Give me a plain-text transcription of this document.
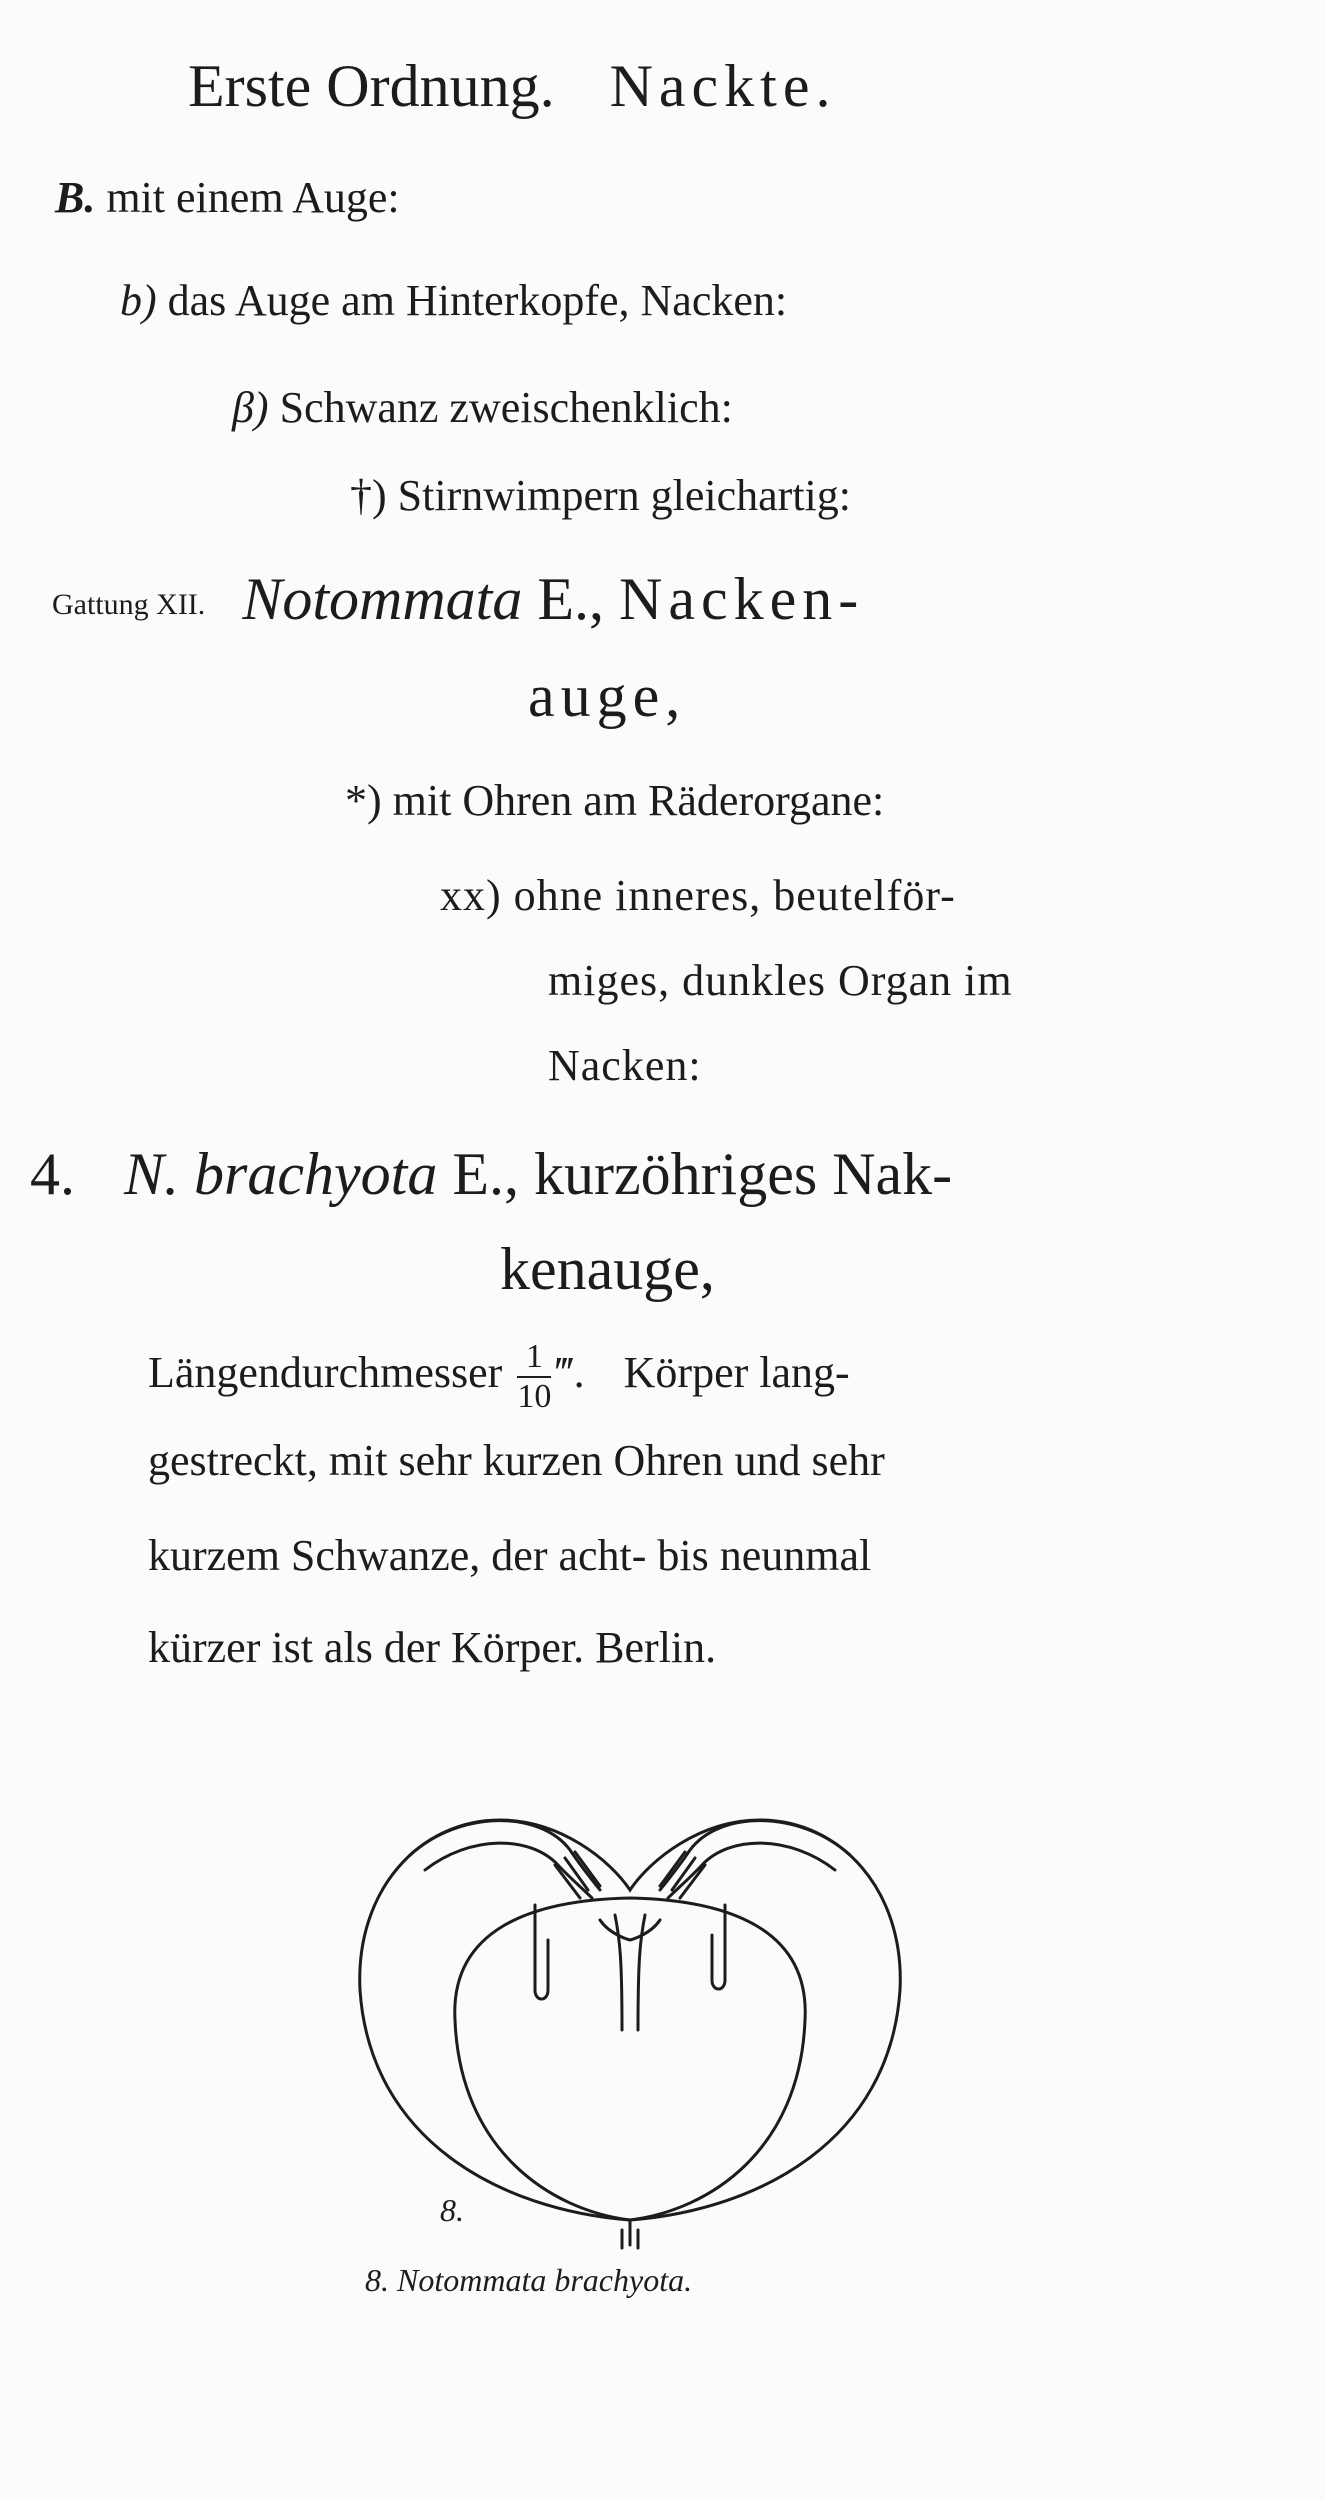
Erste Ordnung. Nackte.
B. mit einem Auge:
b) das Auge am Hinterkopfe, Nacken:
β) Schwanz zweischenklich:
†) Stirnwimpern gleichartig:
Gattung XII. Notommata E., Nacken-
auge,
*) mit Ohren am Räderorgane:
xx) ohne inneres, beutelför-
miges, dunkles Organ im
Nacken:
4. N. brachyota E., kurzöhriges Nak-
kenauge,
Längendurchmesser $\frac{1}{10}$ ‴. Körper lang-
gestreckt, mit sehr kurzen Ohren und sehr
kurzem Schwanze, der acht- bis neunmal
kürzer ist als der Körper. Berlin.
8.
8. Notommata brachyota.
